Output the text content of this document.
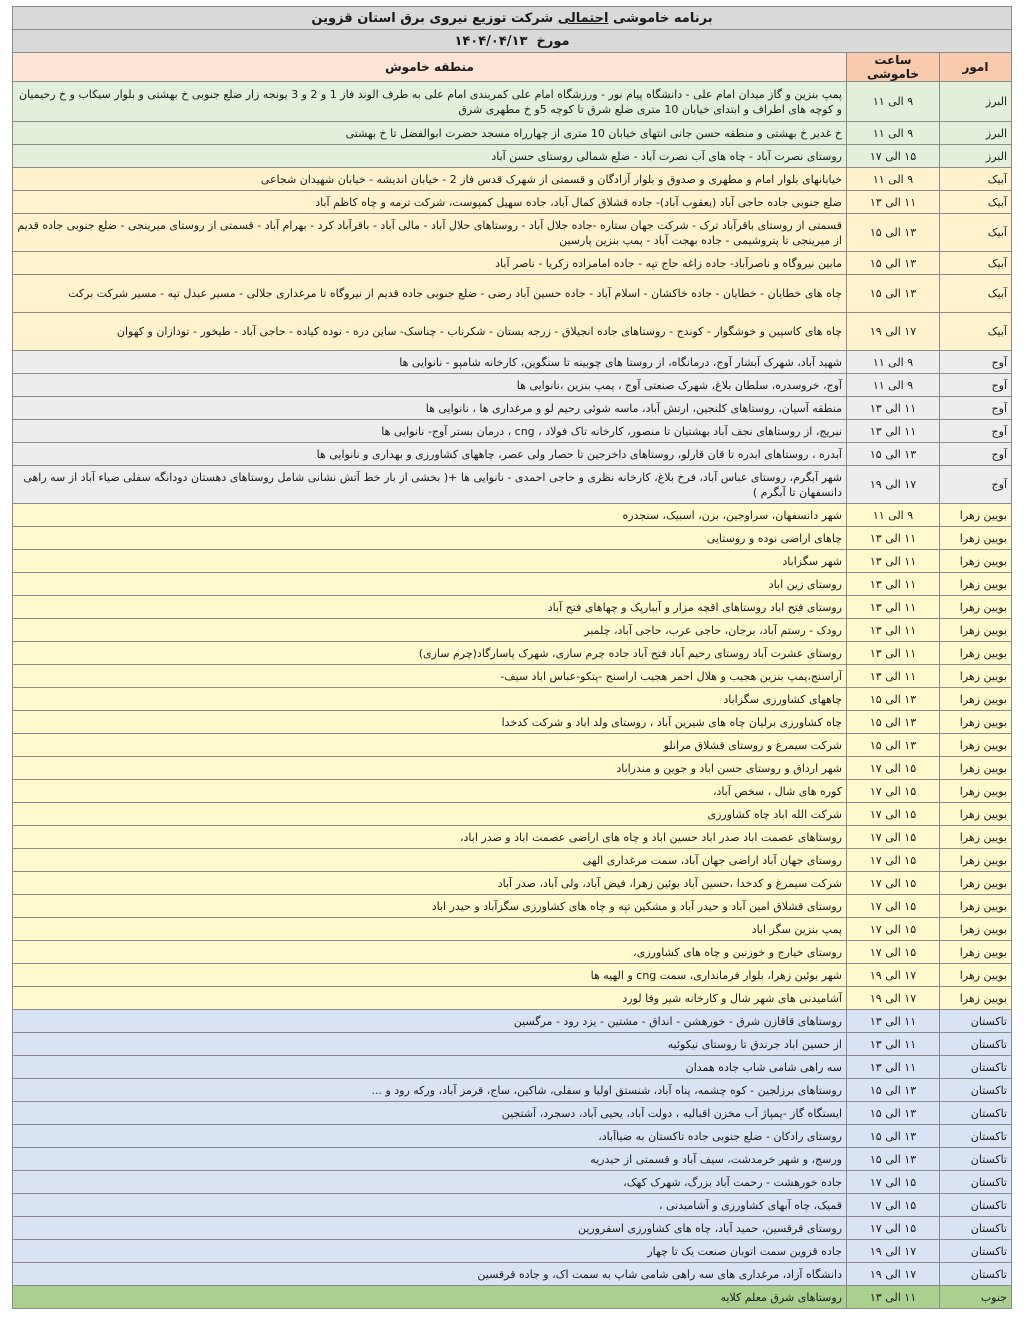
برنامه خاموشی احتمالی شرکت توزیع نیروی برق استان قزوین		
مورخ  ۱۴۰۴/۰۴/۱۳		
امور	ساعت خاموشی	منطقه خاموش
البرز	۹ الی ۱۱	پمپ بنزین و گاز میدان امام علی - دانشگاه پیام نور - ورزشگاه امام علی کمربندی امام علی به طرف الوند فاز 1 و 2 و 3 یونجه زار ضلع جنوبی خ بهشتی و بلوار سیکاب و خ رحیمیان و کوچه های اطراف و ابتدای خیابان 10 متری ضلع شرق تا کوچه 5و خ مطهری شرق
البرز	۹ الی ۱۱	خ غدیر خ بهشتی و منطقه حسن جانی انتهای خیابان 10 متری از چهارراه مسجد حضرت ابوالفضل تا خ بهشتی
البرز	۱۵ الی ۱۷	روستای نصرت آباد - چاه های آب نصرت آباد - ضلع شمالی روستای حسن آباد
آبیک	۹ الی ۱۱	خیابانهای بلوار امام و مطهری و صدوق و بلوار آزادگان و قسمتی از شهرک قدس فاز 2 - خیابان اندیشه - خیابان شهیدان شجاعی
آبیک	۱۱ الی ۱۳	ضلع جنوبی جاده حاجی آباد (یعقوب آباد)- جاده قشلاق کمال آباد، جاده سهیل کمپوست، شرکت ترمه و چاه کاظم آباد
آبیک	۱۳ الی ۱۵	قسمتی از روستای باقرآباد ترک - شرکت جهان ستاره -جاده جلال آباد - روستاهای حلال آباد - مالی آباد - باقرآباد کرد - بهرام آباد - قسمتی از روستای میرینجی - ضلع جنوبی جاده قدیم از میرینجی تا پتروشیمی - جاده بهجت آباد - پمپ بنزین پارسین
آبیک	۱۳ الی ۱۵	مابین نیروگاه و ناصرآباد- جاده زاغه حاج تپه - جاده امامزاده زکریا - ناصر آباد
آبیک	۱۳ الی ۱۵	چاه های خطایان - خطایان - جاده خاکشان - اسلام آباد - جاده حسین آباد رضی - ضلع جنوبی جاده قدیم از نیروگاه تا مرغداری جلالی - مسیر عبدل تپه - مسیر شرکت برکت
آبیک	۱۷ الی ۱۹	چاه های کاسپین و خوشگوار - کوندج - روستاهای جاده انجیلاق - زرجه بستان - شکرناب - چناسک- ساین دره - نوده کیاده - حاجی آباد - طیخور - تودازان و کهوان
آوج	۹ الی ۱۱	شهید آباد، شهرک آبشار آوج، درمانگاه، از روستا های چوبینه تا سنگوین، کارخانه شامپو - نانوایی ها
آوج	۹ الی ۱۱	آوج، خروسدره، سلطان بلاغ، شهرک صنعتی آوج ، پمپ بنزین ،نانوایی ها
آوج	۱۱ الی ۱۳	منطقه آسیان، روستاهای کلنجین، ارتش آباد، ماسه شوئی رحیم لو و مرغداری ها ، نانوایی ها
آوج	۱۱ الی ۱۳	نیریج، از روستاهای نجف آباد بهشتیان تا منصور، کارخانه تاک فولاد ، cng ، درمان بستر آوج- نانوایی ها
آوج	۱۳ الی ۱۵	آبدره ، روستاهای ابدره تا قان قارلو، روستاهای داخرجین تا حصار ولی عصر، چاههای کشاورزی و بهداری و نانوایی ها
آوج	۱۷ الی ۱۹	شهر آبگرم، روستای عباس آباد، فرخ بلاغ، کارخانه نظری و حاجی احمدی - نانوایی ها +( بخشی از بار خط آتش نشانی شامل روستاهای دهستان دودانگه سفلی ضیاء آباد از سه راهی دانسفهان تا آبگرم )
بویین زهرا	۹ الی ۱۱	شهر دانسفهان، سراوجین، بزن، اسبیک، سنجدره
بویین زهرا	۱۱ الی ۱۳	چاهای اراضی نوده و روستایی
بویین زهرا	۱۱ الی ۱۳	شهر سگزاباد
بویین زهرا	۱۱ الی ۱۳	روستای زین اباد
بویین زهرا	۱۱ الی ۱۳	روستای فتح اباد روستاهای اقچه مزار و آببارپک و چهاهای فتح آباد
بویین زهرا	۱۱ الی ۱۳	رودک - رستم آباد، برجان، حاجی عرب، حاجی آباد، چلمبر
بویین زهرا	۱۱ الی ۱۳	روستای عشرت آباد روستای رحیم آباد فتح آباد جاده چرم سازی، شهرک پاسارگاد(چرم سازی)
بویین زهرا	۱۱ الی ۱۳	آراسنج،پمپ بنزین هجیب و هلال احمر هجیب اراسنج -پتکو-عباس اباد سیف-
بویین زهرا	۱۳ الی ۱۵	چاههای کشاورزی سگزاباد
بویین زهرا	۱۳ الی ۱۵	چاه کشاورزی برلیان چاه های شیرین آباد ، روستای ولد اباد و شرکت کدخدا
بویین زهرا	۱۳ الی ۱۵	شرکت سیمرغ و روستای قشلاق مرانلو
بویین زهرا	۱۵ الی ۱۷	شهر ارداق و روستای حسن اباد و جوین و مندراباد
بویین زهرا	۱۵ الی ۱۷	کوره های شال ، سخص آباد،
بویین زهرا	۱۵ الی ۱۷	شرکت الله اباد چاه کشاورزی
بویین زهرا	۱۵ الی ۱۷	روستاهای عصمت اباد صدر اباد حسین اباد و چاه های اراضی عصمت اباد و صدر اباد،
بویین زهرا	۱۵ الی ۱۷	روستای جهان آباد اراضی جهان آباد، سمت مرغداری الهی
بویین زهرا	۱۵ الی ۱۷	شرکت سیمرغ و کدخدا ،حسین آباد بوئین زهرا، فیض آباد، ولی آباد، صدر آباد
بویین زهرا	۱۵ الی ۱۷	روستای قشلاق امین آباد و حیدر آباد و مشکین تپه و چاه های کشاورزی سگزآباد و حیدر اباد
بویین زهرا	۱۵ الی ۱۷	پمپ بنزین سگز اباد
بویین زهرا	۱۵ الی ۱۷	روستای خیارج و خوزنین و چاه های کشاورزی،
بویین زهرا	۱۷ الی ۱۹	شهر بوئین زهرا، بلوار فرمانداری، سمت cng و الهیه ها
بویین زهرا	۱۷ الی ۱۹	آشامیدنی های شهر شال و کارخانه شیر وفا لورد
تاکستان	۱۱ الی ۱۳	روستاهای قاقازن شرق - خورهشن - انداق - مشتین - یزد رود - مرگسین
تاکستان	۱۱ الی ۱۳	از حسین اباد جرندق تا روستای نیکوئیه
تاکستان	۱۱ الی ۱۳	سه راهی شامی شاب جاده همدان
تاکستان	۱۳ الی ۱۵	روستاهای برزلجین - کوه چشمه، پناه آباد، شنستق اولیا و سفلی، شاکین، ساج، قرمز آباد، ورکه رود و ...
تاکستان	۱۳ الی ۱۵	ایستگاه گاز -پمپاژ آب مخزن اقبالیه ، دولت آباد، یحیی آباد، دسجرد، آشتجین
تاکستان	۱۳ الی ۱۵	روستای رادکان - ضلع جنوبی جاده تاکستان به ضیاآباد،
تاکستان	۱۳ الی ۱۵	ورسج، و شهر خرمدشت، سیف آباد و قسمتی از حیدریه
تاکستان	۱۵ الی ۱۷	جاده خورهشت - رحمت آباد بزرگ، شهرک کهک،
تاکستان	۱۵ الی ۱۷	قمیک، چاه آبهای کشاورزی و آشامیدنی ،
تاکستان	۱۵ الی ۱۷	روستای قرقسین، حمید آباد، چاه های کشاورزی اسفرورین
تاکستان	۱۷ الی ۱۹	جاده قزوین سمت اتوبان صنعت یک تا چهار
تاکستان	۱۷ الی ۱۹	دانشگاه آزاد، مرغداری های سه راهی شامی شاپ به سمت اک، و جاده قرقسین
جنوب	۱۱ الی ۱۳	روستاهای شرق معلم کلایه
